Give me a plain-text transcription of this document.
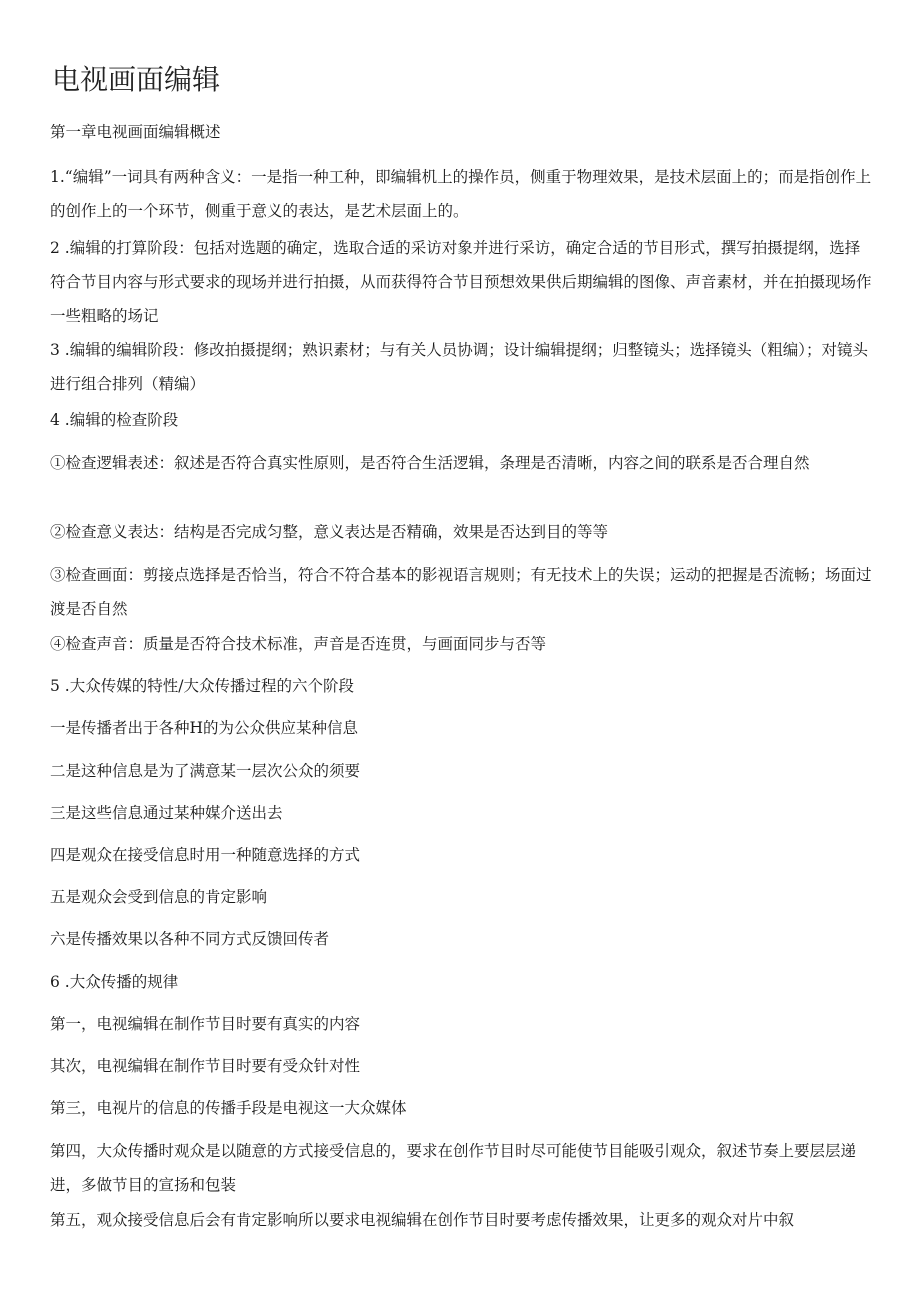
电视画面编辑

第一章电视画面编辑概述

1.“编辑”一词具有两种含义：一是指一种工种，即编辑机上的操作员，侧重于物理效果，是技术层面上的；而是指创作上的创作上的一个环节，侧重于意义的表达，是艺术层面上的。

2 .编辑的打算阶段：包括对选题的确定，选取合适的采访对象并进行采访，确定合适的节目形式，撰写拍摄提纲，选择符合节目内容与形式要求的现场并进行拍摄，从而获得符合节目预想效果供后期编辑的图像、声音素材，并在拍摄现场作一些粗略的场记

3 .编辑的编辑阶段：修改拍摄提纲；熟识素材；与有关人员协调；设计编辑提纲；归整镜头；选择镜头（粗编）；对镜头进行组合排列（精编）

4 .编辑的检查阶段

①检查逻辑表述：叙述是否符合真实性原则，是否符合生活逻辑，条理是否清晰，内容之间的联系是否合理自然

②检查意义表达：结构是否完成匀整，意义表达是否精确，效果是否达到目的等等

③检查画面：剪接点选择是否恰当，符合不符合基本的影视语言规则；有无技术上的失误；运动的把握是否流畅；场面过渡是否自然

④检查声音：质量是否符合技术标准，声音是否连贯，与画面同步与否等

5 .大众传媒的特性/大众传播过程的六个阶段

一是传播者出于各种H的为公众供应某种信息

二是这种信息是为了满意某一层次公众的须要

三是这些信息通过某种媒介送出去

四是观众在接受信息时用一种随意选择的方式

五是观众会受到信息的肯定影响

六是传播效果以各种不同方式反馈回传者

6 .大众传播的规律

第一，电视编辑在制作节目时要有真实的内容

其次，电视编辑在制作节目时要有受众针对性

第三，电视片的信息的传播手段是电视这一大众媒体

第四，大众传播时观众是以随意的方式接受信息的，要求在创作节目时尽可能使节目能吸引观众，叙述节奏上要层层递进，多做节目的宣扬和包装

第五，观众接受信息后会有肯定影响所以要求电视编辑在创作节目时要考虑传播效果，让更多的观众对片中叙
